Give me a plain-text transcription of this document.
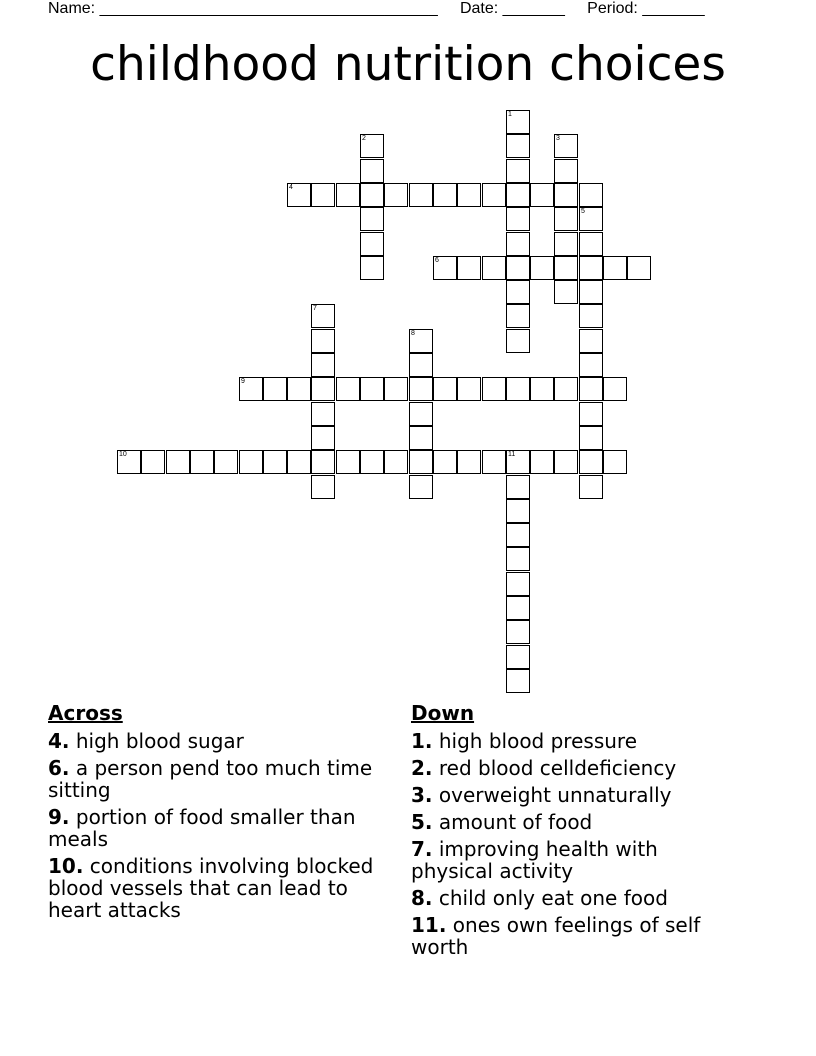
Name: ______________________________________ Date: _______ Period: _______
childhood nutrition choices
1
2	3
4
5
6
7
8
9
10	11
Across
4. high blood sugar
6. a person pend too much time sitting
9. portion of food smaller than meals
10. conditions involving blocked blood vessels that can lead to heart attacks
Down
1. high blood pressure
2. red blood celldeficiency
3. overweight unnaturally
5. amount of food
7. improving health with physical activity
8. child only eat one food
11. ones own feelings of self worth
